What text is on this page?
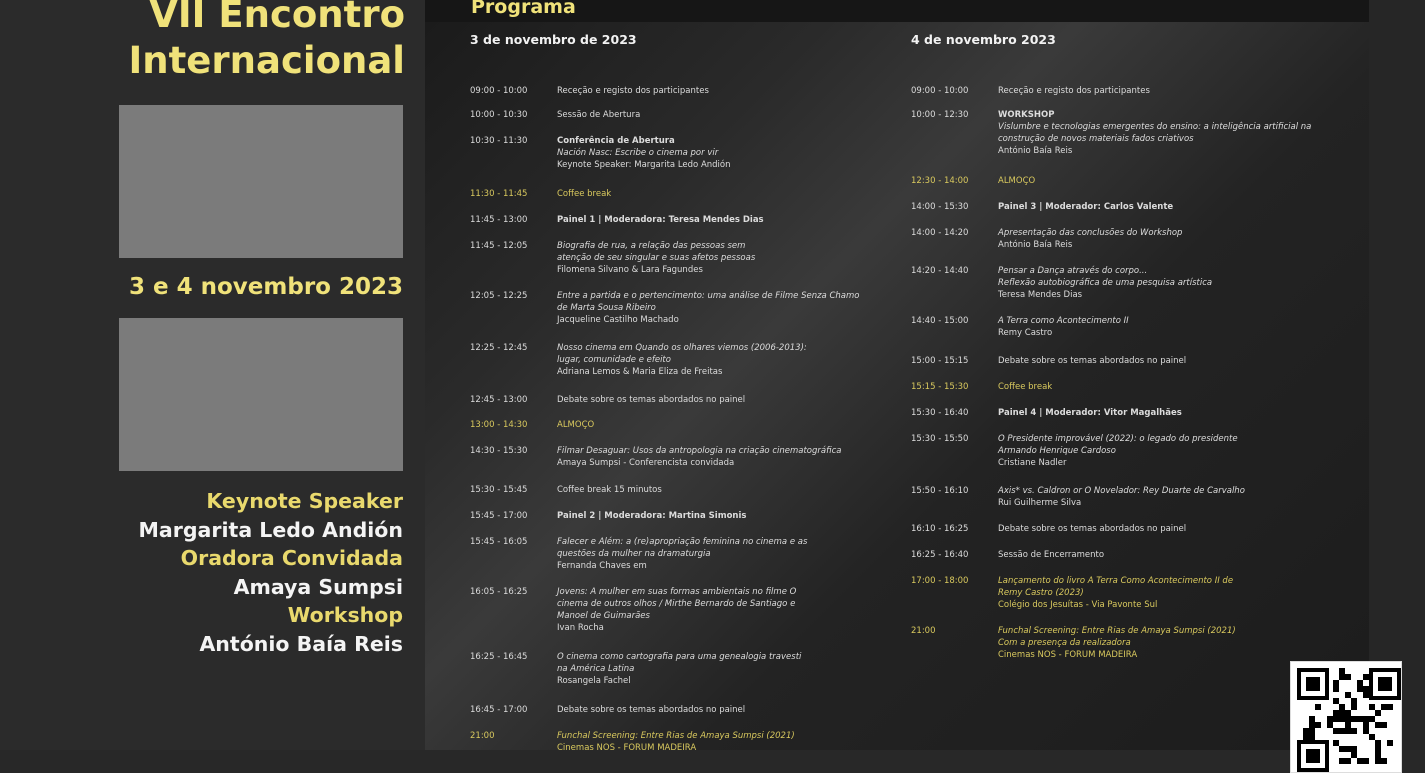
VII Encontro
Internacional
3 e 4 novembro 2023
Keynote Speaker
Margarita Ledo Andión
Oradora Convidada
Amaya Sumpsi
Workshop
António Baía Reis
Programa
3 de novembro de 2023
09:00 - 10:00	Receção e registo dos participantes
10:00 - 10:30	Sessão de Abertura
10:30 - 11:30	Conferência de Abertura
Nación Nasc: Escribe o cinema por vir
Keynote Speaker: Margarita Ledo Andión
11:30 - 11:45	Coffee break
11:45 - 13:00	Painel 1 | Moderadora: Teresa Mendes Dias
11:45 - 12:05	Biografia de rua, a relação das pessoas sem
atenção de seu singular e suas afetos pessoas
Filomena Silvano & Lara Fagundes
12:05 - 12:25	Entre a partida e o pertencimento: uma análise de Filme Senza Chamo
de Marta Sousa Ribeiro
Jacqueline Castilho Machado
12:25 - 12:45	Nosso cinema em Quando os olhares viemos (2006-2013):
lugar, comunidade e efeito
Adriana Lemos & Maria Eliza de Freitas
12:45 - 13:00	Debate sobre os temas abordados no painel
13:00 - 14:30	ALMOÇO
14:30 - 15:30	Filmar Desaguar: Usos da antropologia na criação cinematográfica
Amaya Sumpsi - Conferencista convidada
15:30 - 15:45	Coffee break 15 minutos
15:45 - 17:00	Painel 2 | Moderadora: Martina Simonis
15:45 - 16:05	Falecer e Além: a (re)apropriação feminina no cinema e as
questões da mulher na dramaturgia
Fernanda Chaves em
16:05 - 16:25	Jovens: A mulher em suas formas ambientais no filme O
cinema de outros olhos / Mirthe Bernardo de Santiago e
Manoel de Guimarães
Ivan Rocha
16:25 - 16:45	O cinema como cartografia para uma genealogia travesti
na América Latina
Rosangela Fachel
16:45 - 17:00	Debate sobre os temas abordados no painel
21:00	Funchal Screening: Entre Rias de Amaya Sumpsi (2021)
Cinemas NOS - FORUM MADEIRA
4 de novembro 2023
09:00 - 10:00	Receção e registo dos participantes
10:00 - 12:30	WORKSHOP
Vislumbre e tecnologias emergentes do ensino: a inteligência artificial na
construção de novos materiais fados criativos
António Baía Reis
12:30 - 14:00	ALMOÇO
14:00 - 15:30	Painel 3 | Moderador: Carlos Valente
14:00 - 14:20	Apresentação das conclusões do Workshop
António Baía Reis
14:20 - 14:40	Pensar a Dança através do corpo...
Reflexão autobiográfica de uma pesquisa artística
Teresa Mendes Dias
14:40 - 15:00	A Terra como Acontecimento II
Remy Castro
15:00 - 15:15	Debate sobre os temas abordados no painel
15:15 - 15:30	Coffee break
15:30 - 16:40	Painel 4 | Moderador: Vitor Magalhães
15:30 - 15:50	O Presidente improvável (2022): o legado do presidente
Armando Henrique Cardoso
Cristiane Nadler
15:50 - 16:10	Axis* vs. Caldron or O Novelador: Rey Duarte de Carvalho
Rui Guilherme Silva
16:10 - 16:25	Debate sobre os temas abordados no painel
16:25 - 16:40	Sessão de Encerramento
17:00 - 18:00	Lançamento do livro A Terra Como Acontecimento II de
Remy Castro (2023)
Colégio dos Jesuítas - Via Pavonte Sul
21:00	Funchal Screening: Entre Rias de Amaya Sumpsi (2021)
Com a presença da realizadora
Cinemas NOS - FORUM MADEIRA
